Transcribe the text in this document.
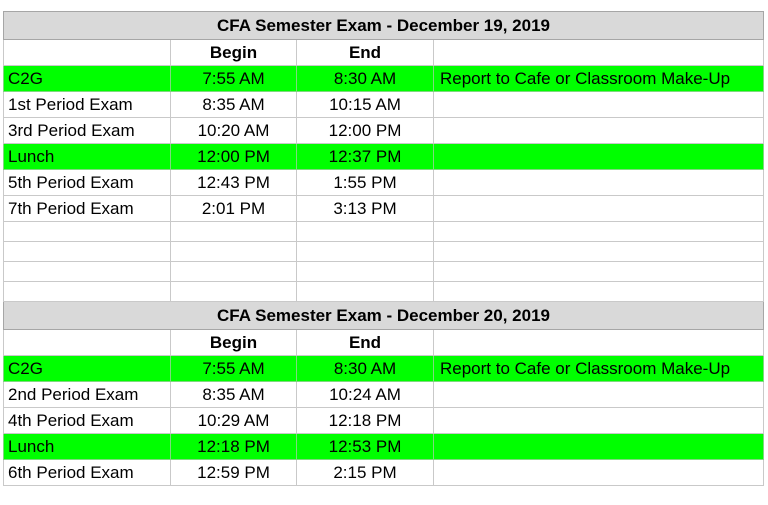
CFA Semester Exam - December 19, 2019			
	Begin	End	
C2G	7:55 AM	8:30 AM	Report to Cafe or Classroom Make-Up
1st Period Exam	8:35 AM	10:15 AM	
3rd Period Exam	10:20 AM	12:00 PM	
Lunch	12:00 PM	12:37 PM	
5th Period Exam	12:43 PM	1:55 PM	
7th Period Exam	2:01 PM	3:13 PM	

CFA Semester Exam - December 20, 2019			
	Begin	End	
C2G	7:55 AM	8:30 AM	Report to Cafe or Classroom Make-Up
2nd Period Exam	8:35 AM	10:24 AM	
4th Period Exam	10:29 AM	12:18 PM	
Lunch	12:18 PM	12:53 PM	
6th Period Exam	12:59 PM	2:15 PM	
